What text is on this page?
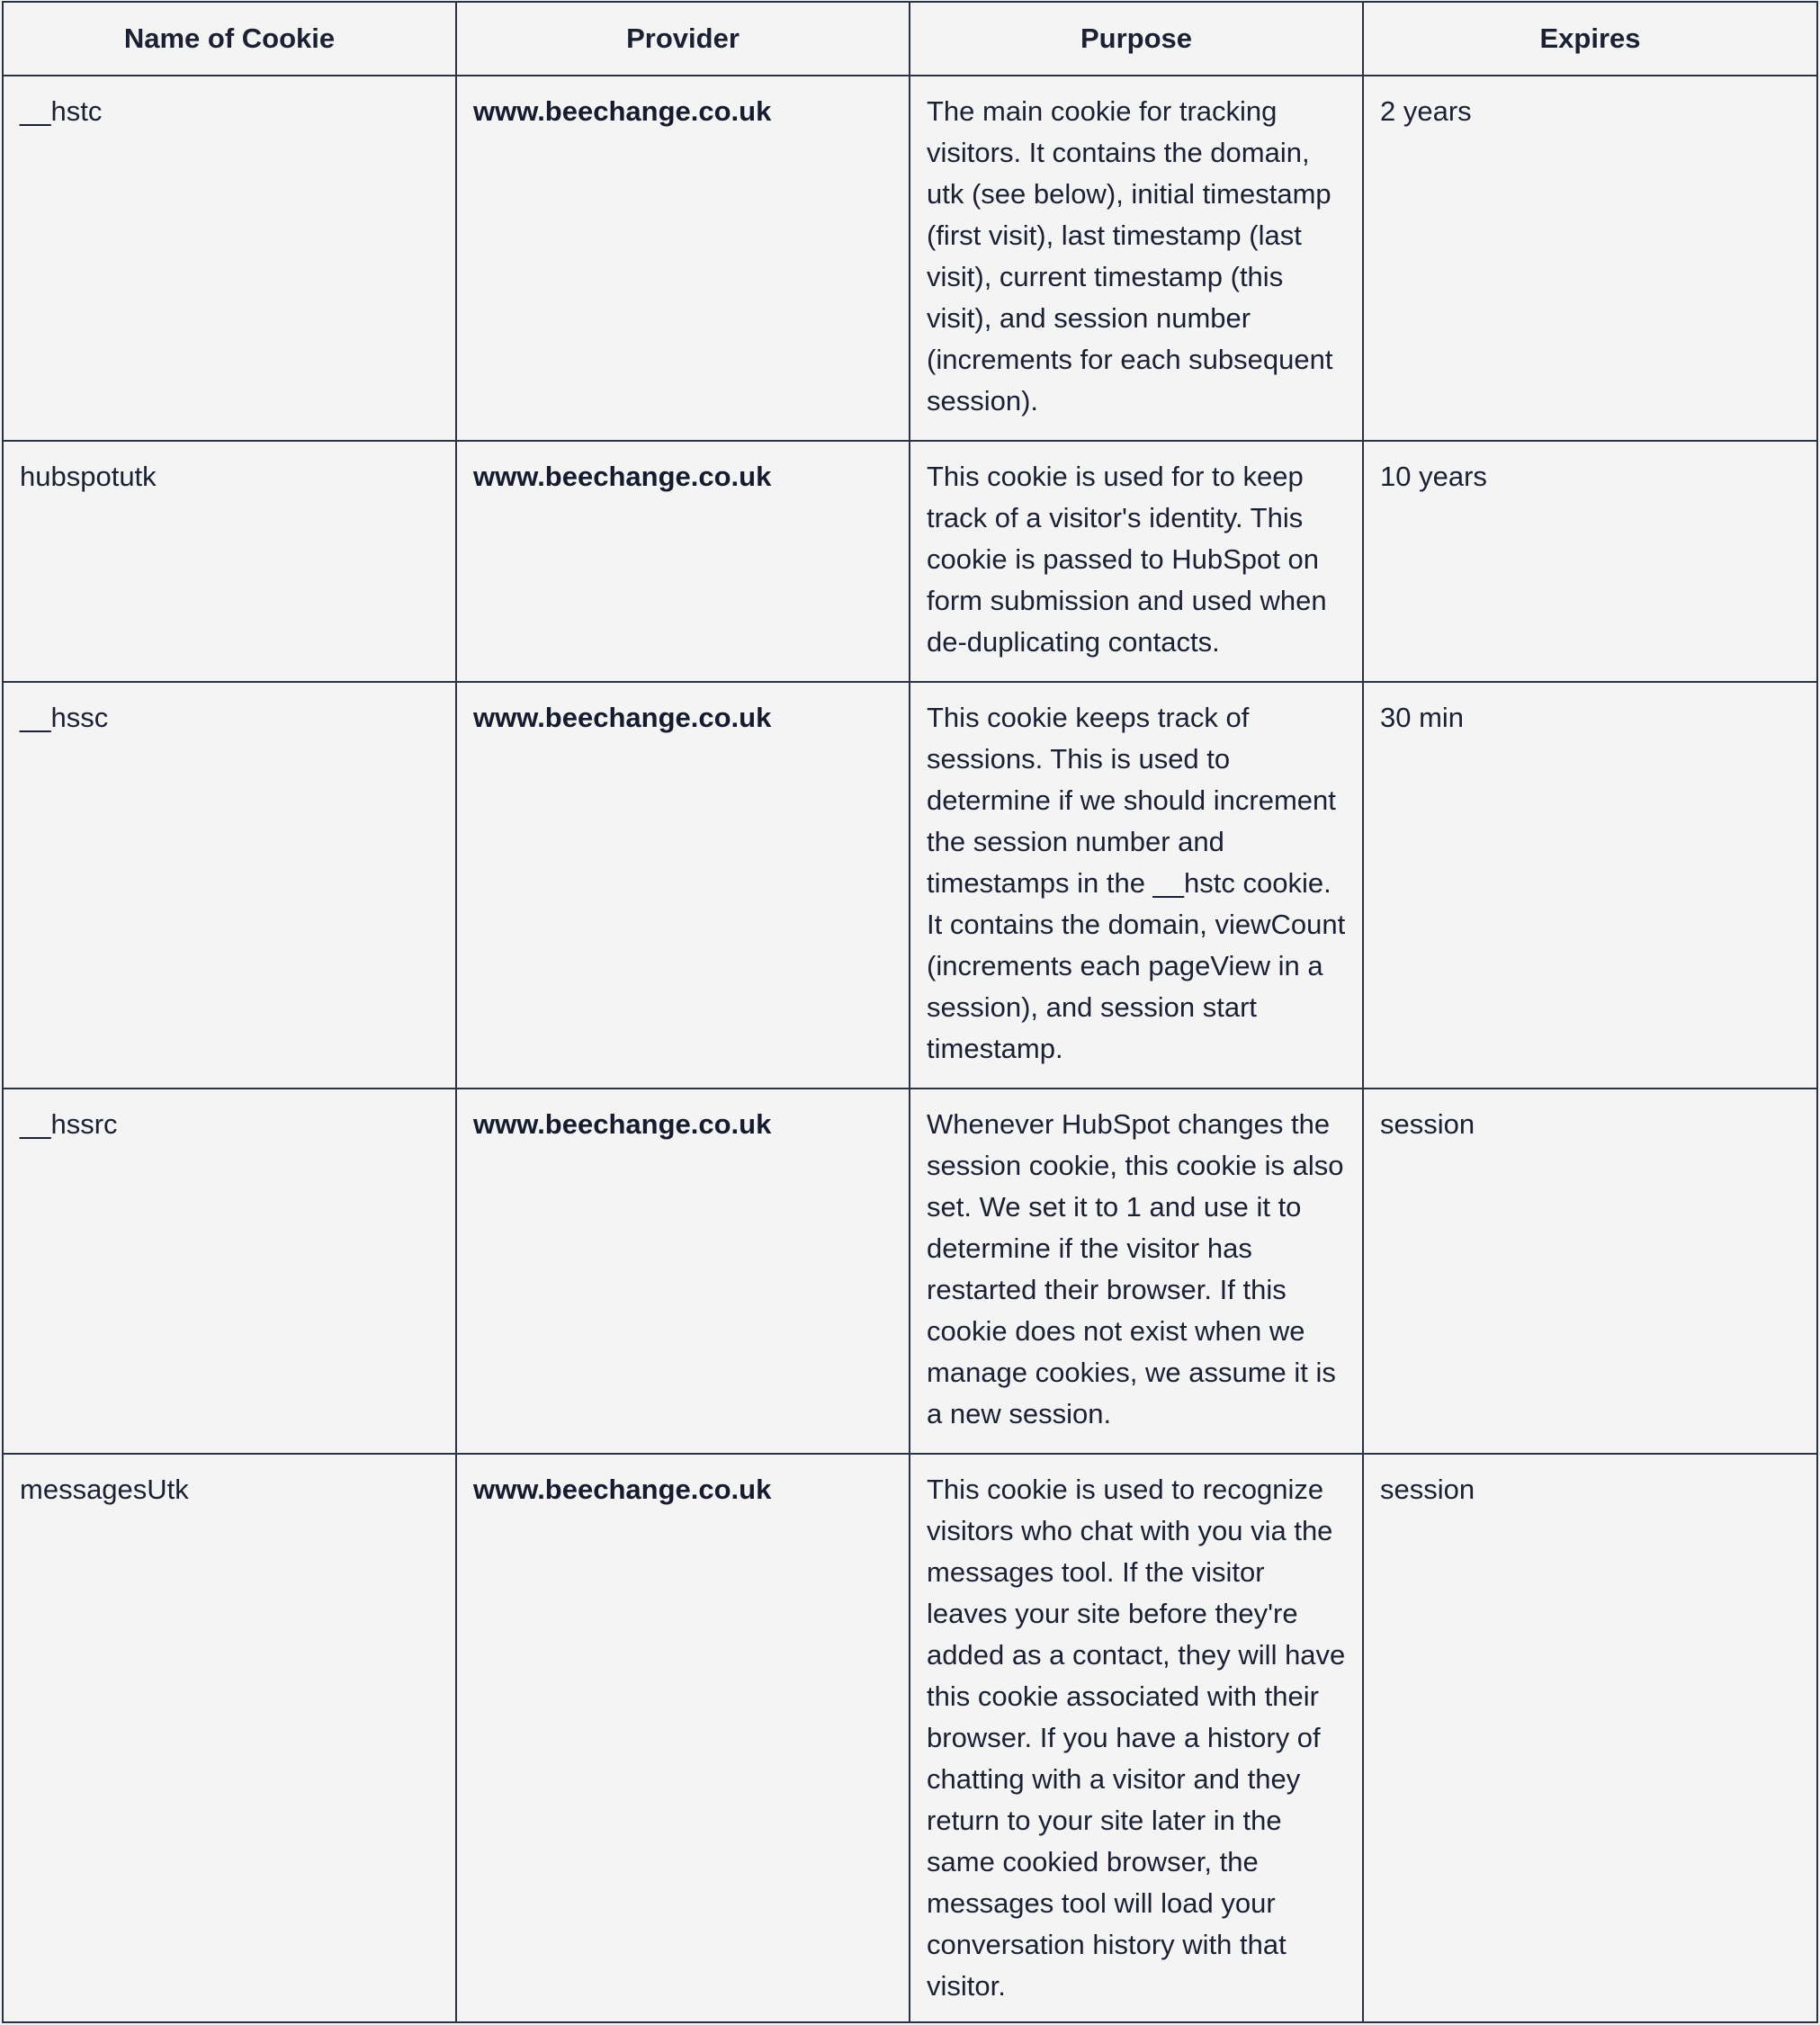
Name of Cookie	Provider	Purpose	Expires
__hstc	www.beechange.co.uk	The main cookie for tracking visitors. It contains the domain, utk (see below), initial timestamp (first visit), last timestamp (last visit), current timestamp (this visit), and session number (increments for each subsequent session).	2 years
hubspotutk	www.beechange.co.uk	This cookie is used for to keep track of a visitor's identity. This cookie is passed to HubSpot on form submission and used when de-duplicating contacts.	10 years
__hssc	www.beechange.co.uk	This cookie keeps track of sessions. This is used to determine if we should increment the session number and timestamps in the __hstc cookie. It contains the domain, viewCount (increments each pageView in a session), and session start timestamp.	30 min
__hssrc	www.beechange.co.uk	Whenever HubSpot changes the session cookie, this cookie is also set. We set it to 1 and use it to determine if the visitor has restarted their browser. If this cookie does not exist when we manage cookies, we assume it is a new session.	session
messagesUtk	www.beechange.co.uk	This cookie is used to recognize visitors who chat with you via the messages tool. If the visitor leaves your site before they're added as a contact, they will have this cookie associated with their browser. If you have a history of chatting with a visitor and they return to your site later in the same cookied browser, the messages tool will load your conversation history with that visitor.	session
